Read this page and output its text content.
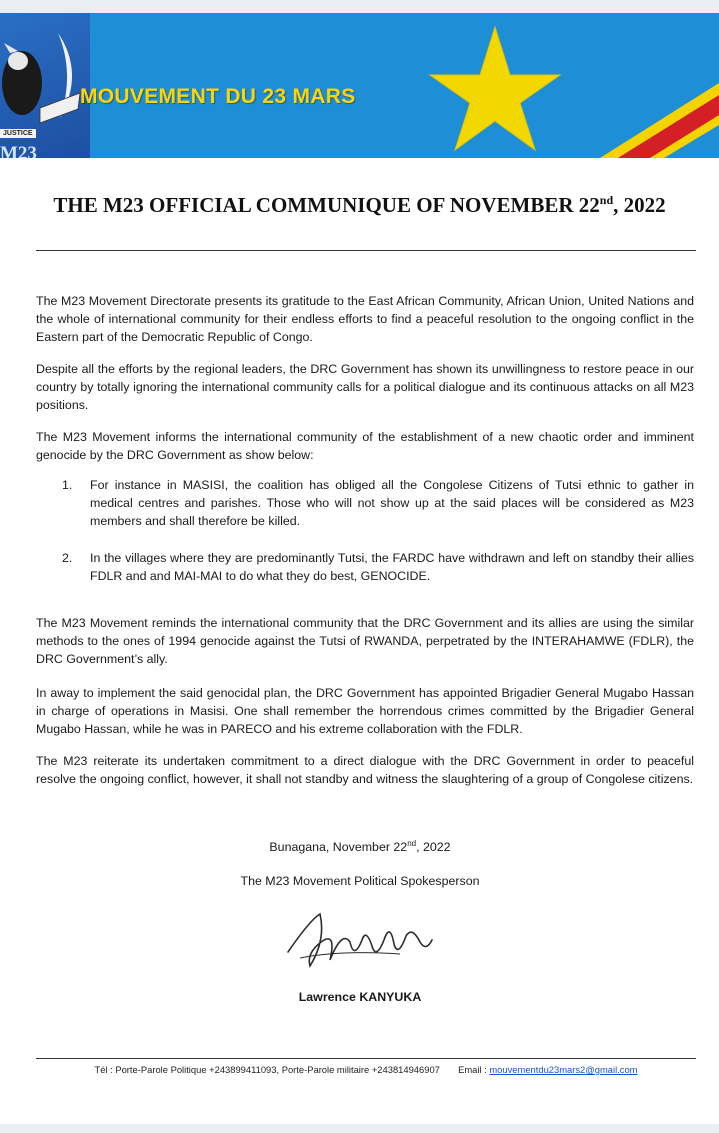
JUSTICE
M23
MOUVEMENT DU 23 MARS
THE M23 OFFICIAL COMMUNIQUE OF NOVEMBER 22nd, 2022
The M23 Movement Directorate presents its gratitude to the East African Community, African Union, United Nations and the whole of international community for their endless efforts to find a peaceful resolution to the ongoing conflict in the Eastern part of the Democratic Republic of Congo.
Despite all the efforts by the regional leaders, the DRC Government has shown its unwillingness to restore peace in our country by totally ignoring the international community calls for a political dialogue and its continuous attacks on all M23 positions.
The M23 Movement informs the international community of the establishment of a new chaotic order and imminent genocide by the DRC Government as show below:
1. For instance in MASISI, the coalition has obliged all the Congolese Citizens of Tutsi ethnic to gather in medical centres and parishes. Those who will not show up at the said places will be considered as M23 members and shall therefore be killed.
2. In the villages where they are predominantly Tutsi, the FARDC have withdrawn and left on standby their allies FDLR and and MAI-MAI to do what they do best, GENOCIDE.
The M23 Movement reminds the international community that the DRC Government and its allies are using the similar methods to the ones of 1994 genocide against the Tutsi of RWANDA, perpetrated by the INTERAHAMWE (FDLR), the DRC Government’s ally.
In away to implement the said genocidal plan, the DRC Government has appointed Brigadier General Mugabo Hassan in charge of operations in Masisi. One shall remember the horrendous crimes committed by the Brigadier General Mugabo Hassan, while he was in PARECO and his extreme collaboration with the FDLR.
The M23 reiterate its undertaken commitment to a direct dialogue with the DRC Government in order to peaceful resolve the ongoing conflict, however, it shall not standby and witness the slaughtering of a group of Congolese citizens.
Bunagana, November 22nd, 2022
The M23 Movement Political Spokesperson
Lawrence KANYUKA
Tél : Porte-Parole Politique +243899411093, Porte-Parole militaire +243814946907 Email : mouvementdu23mars2@gmail.com
